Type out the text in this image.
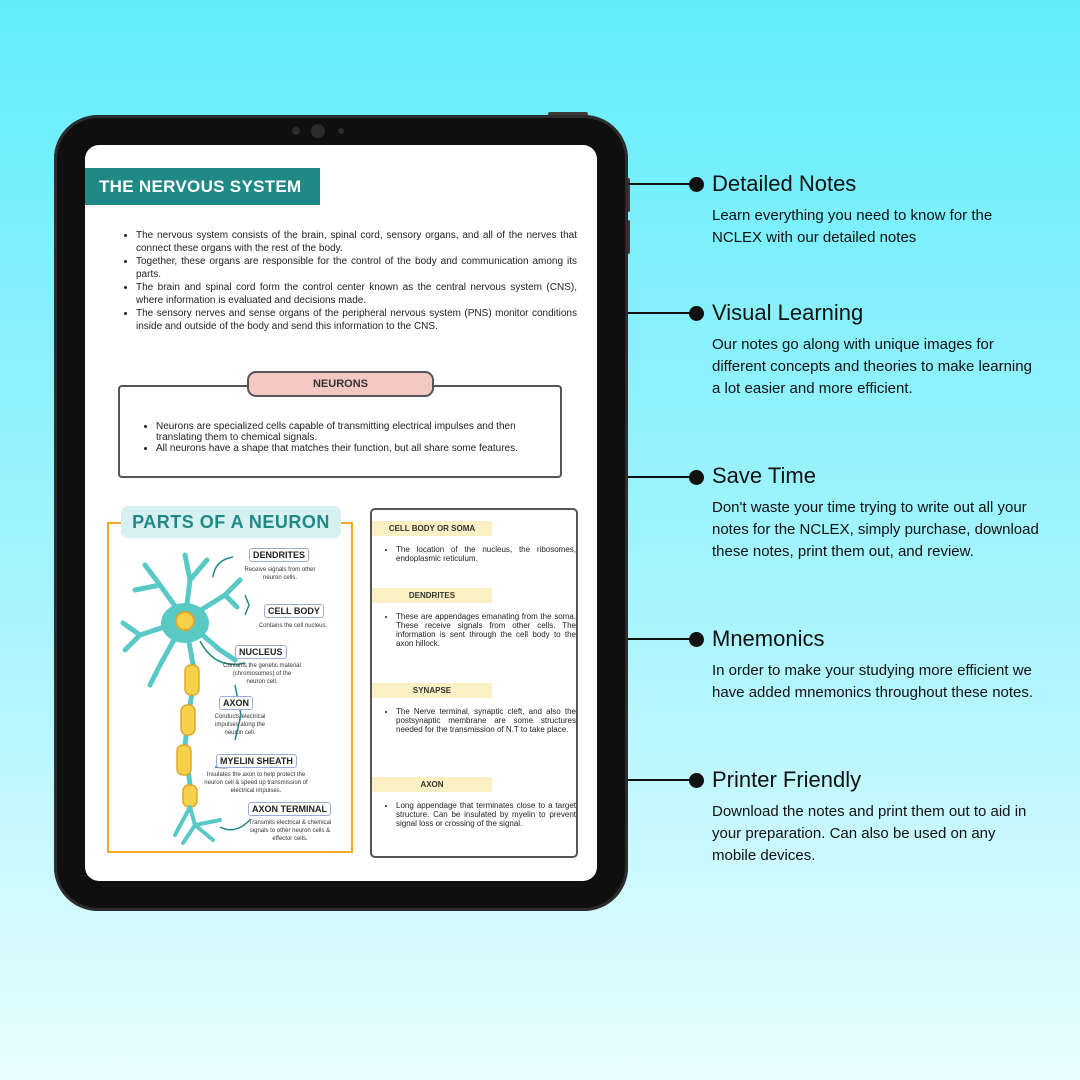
THE NERVOUS SYSTEM
• The nervous system consists of the brain, spinal cord, sensory organs, and all of the nerves that connect these organs with the rest of the body.
• Together, these organs are responsible for the control of the body and communication among its parts.
• The brain and spinal cord form the control center known as the central nervous system (CNS), where information is evaluated and decisions made.
• The sensory nerves and sense organs of the peripheral nervous system (PNS) monitor conditions inside and outside of the body and send this information to the CNS.
NEURONS
• Neurons are specialized cells capable of transmitting electrical impulses and then translating them to chemical signals.
• All neurons have a shape that matches their function, but all share some features.
PARTS OF A NEURON
DENDRITES
Receive signals from other neuron cells.
CELL BODY
Contains the cell nucleus.
NUCLEUS
Contains the genetic material (chromosomes) of the neuron cell.
AXON
Conducts electrical impulses along the neuron cell.
MYELIN SHEATH
Insulates the axon to help protect the neuron cell & speed up transmission of electrical impulses.
AXON TERMINAL
Transmits electrical & chemical signals to other neuron cells & effector cells.
CELL BODY OR SOMA
• The location of the nucleus, the ribosomes, endoplasmic reticulum.
DENDRITES
• These are appendages emanating from the soma. These receive signals from other cells. The information is sent through the cell body to the axon hillock.
SYNAPSE
• The Nerve terminal, synaptic cleft, and also the postsynaptic membrane are some structures needed for the transmission of N.T to take place.
AXON
• Long appendage that terminates close to a target structure. Can be insulated by myelin to prevent signal loss or crossing of the signal.
Detailed Notes

Learn everything you need to know for the NCLEX with our detailed notes

Visual Learning

Our notes go along with unique images for different concepts and theories to make learning a lot easier and more efficient.

Save Time

Don't waste your time trying to write out all your notes for the NCLEX, simply purchase, download these notes, print them out, and review.

Mnemonics

In order to make your studying more efficient we have added mnemonics throughout these notes.

Printer Friendly

Download the notes and print them out to aid in your preparation. Can also be used on any mobile devices.
